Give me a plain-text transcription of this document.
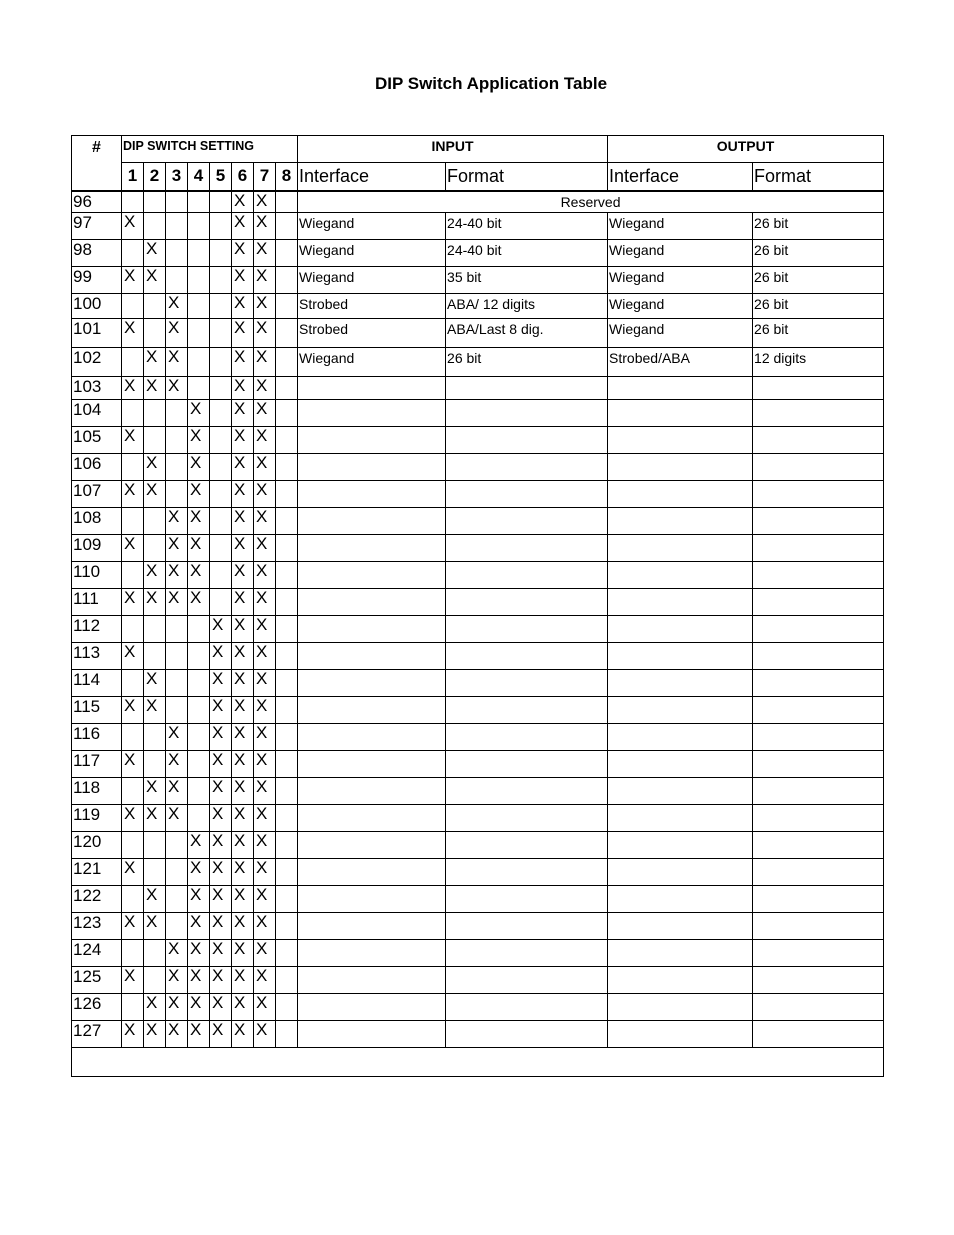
DIP Switch Application Table
#	DIP SWITCH SETTING								INPUT		OUTPUT	
	1	2	3	4	5	6	7	8	Interface	Format	Interface	Format
96						X	X		Reserved			
97	X					X	X		Wiegand	24-40 bit	Wiegand	26 bit
98		X				X	X		Wiegand	24-40 bit	Wiegand	26 bit
99	X	X				X	X		Wiegand	35 bit	Wiegand	26 bit
100			X			X	X		Strobed	ABA/ 12 digits	Wiegand	26 bit
101	X		X			X	X		Strobed	ABA/Last 8 dig.	Wiegand	26 bit
102		X	X			X	X		Wiegand	26 bit	Strobed/ABA	12 digits
103	X	X	X			X	X					
104				X		X	X					
105	X			X		X	X					
106		X		X		X	X					
107	X	X		X		X	X					
108			X	X		X	X					
109	X		X	X		X	X					
110		X	X	X		X	X					
111	X	X	X	X		X	X					
112					X	X	X					
113	X				X	X	X					
114		X			X	X	X					
115	X	X			X	X	X					
116			X		X	X	X					
117	X		X		X	X	X					
118		X	X		X	X	X					
119	X	X	X		X	X	X					
120				X	X	X	X					
121	X			X	X	X	X					
122		X		X	X	X	X					
123	X	X		X	X	X	X					
124			X	X	X	X	X					
125	X		X	X	X	X	X					
126		X	X	X	X	X	X					
127	X	X	X	X	X	X	X					
